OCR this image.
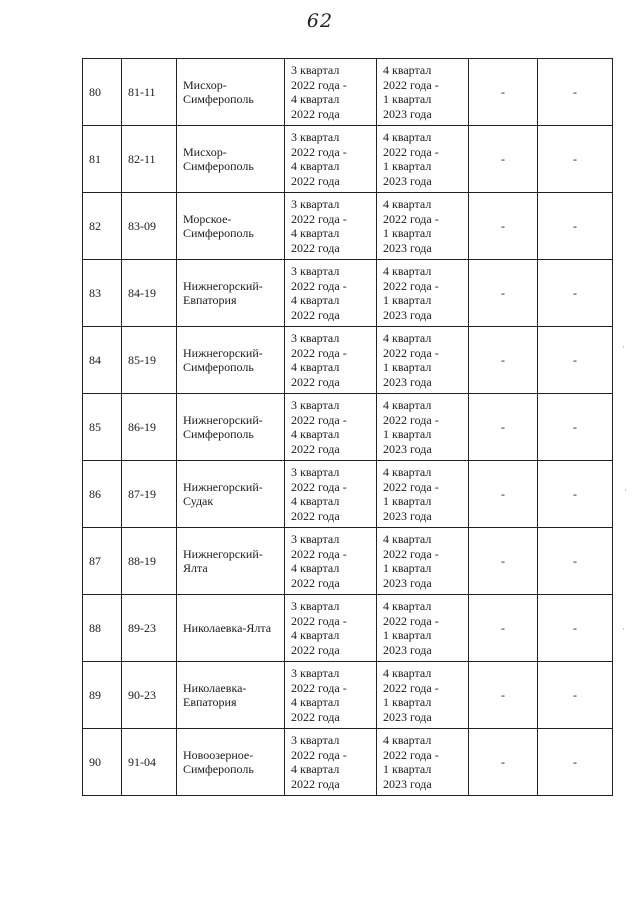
62
80	81-11	Мисхор-
Симферополь	3 квартал
2022 года -
4 квартал
2022 года	4 квартал
2022 года -
1 квартал
2023 года	-	-
81	82-11	Мисхор-
Симферополь	3 квартал
2022 года -
4 квартал
2022 года	4 квартал
2022 года -
1 квартал
2023 года	-	-
82	83-09	Морское-
Симферополь	3 квартал
2022 года -
4 квартал
2022 года	4 квартал
2022 года -
1 квартал
2023 года	-	-
83	84-19	Нижнегорский-
Евпатория	3 квартал
2022 года -
4 квартал
2022 года	4 квартал
2022 года -
1 квартал
2023 года	-	-
84	85-19	Нижнегорский-
Симферополь	3 квартал
2022 года -
4 квартал
2022 года	4 квартал
2022 года -
1 квартал
2023 года	-	-
85	86-19	Нижнегорский-
Симферополь	3 квартал
2022 года -
4 квартал
2022 года	4 квартал
2022 года -
1 квартал
2023 года	-	-
86	87-19	Нижнегорский-
Судак	3 квартал
2022 года -
4 квартал
2022 года	4 квартал
2022 года -
1 квартал
2023 года	-	-
87	88-19	Нижнегорский-
Ялта	3 квартал
2022 года -
4 квартал
2022 года	4 квартал
2022 года -
1 квартал
2023 года	-	-
88	89-23	Николаевка-Ялта	3 квартал
2022 года -
4 квартал
2022 года	4 квартал
2022 года -
1 квартал
2023 года	-	-
89	90-23	Николаевка-
Евпатория	3 квартал
2022 года -
4 квартал
2022 года	4 квартал
2022 года -
1 квартал
2023 года	-	-
90	91-04	Новоозерное-
Симферополь	3 квартал
2022 года -
4 квартал
2022 года	4 квартал
2022 года -
1 квартал
2023 года	-	-
·
·
·
